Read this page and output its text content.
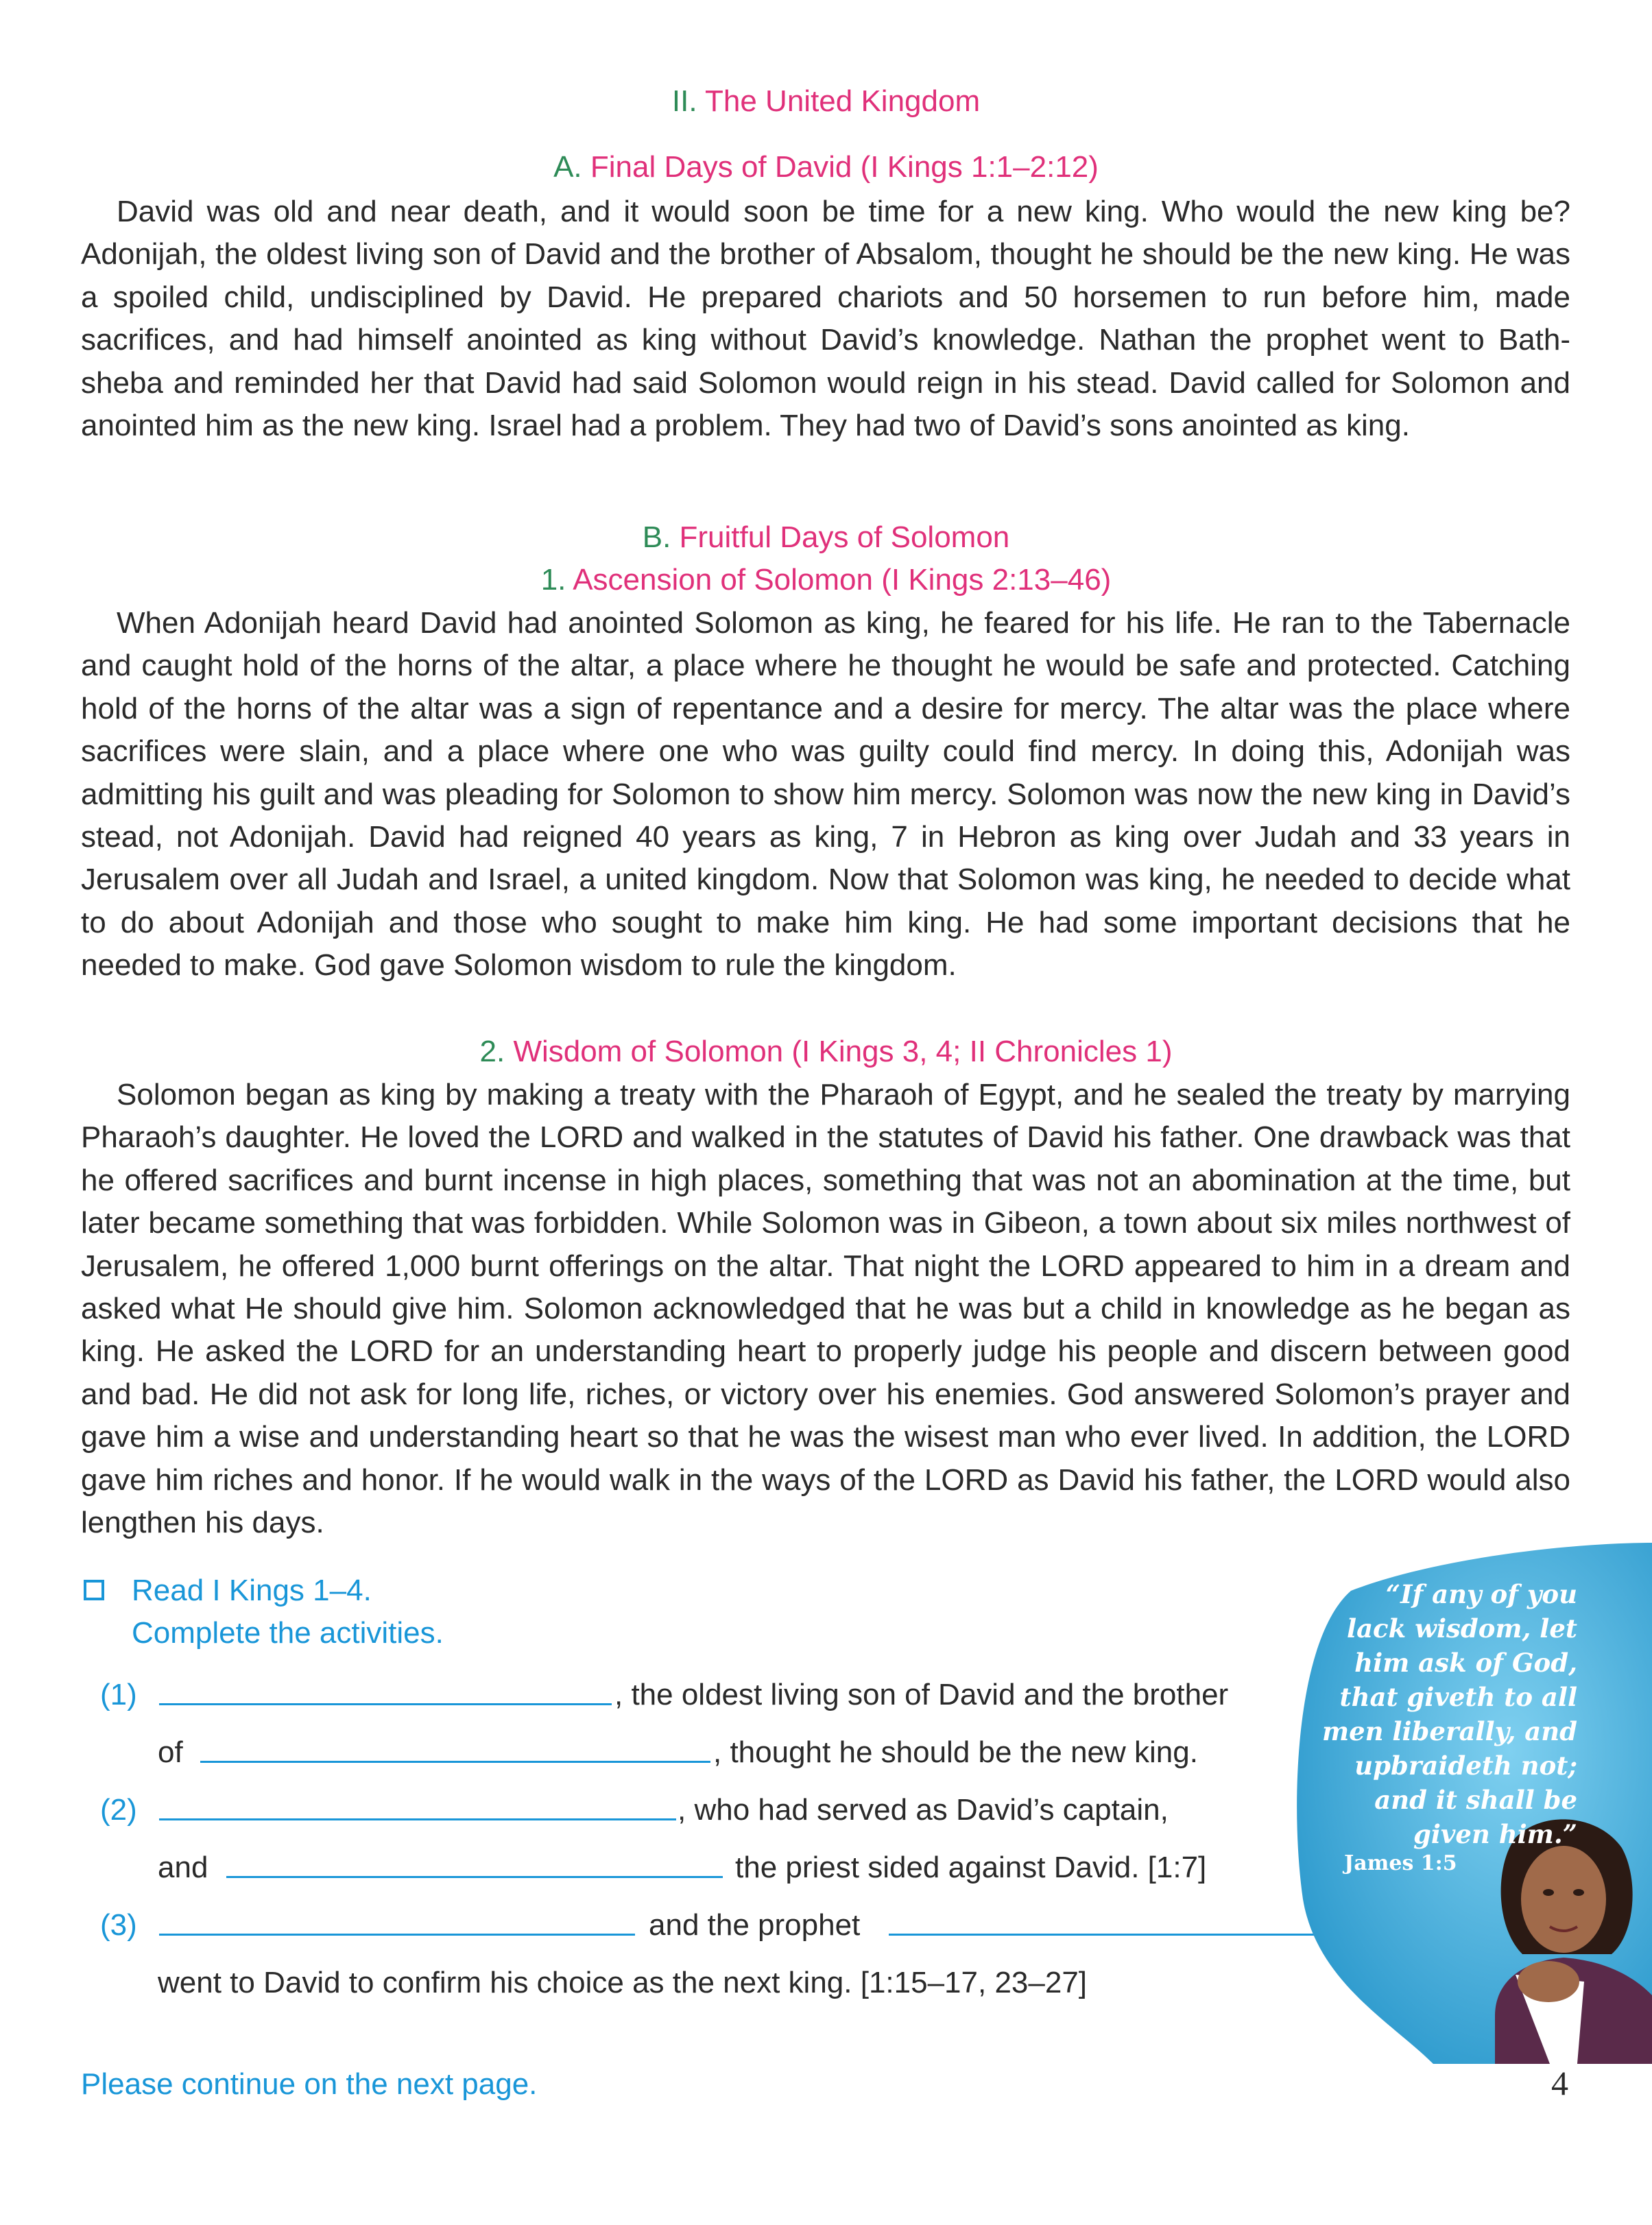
II. The United Kingdom
A. Final Days of David (I Kings 1:1–2:12)

David was old and near death, and it would soon be time for a new king. Who would the new king be? Adonijah, the oldest living son of David and the brother of Absalom, thought he should be the new king. He was a spoiled child, undisciplined by David. He prepared chariots and 50 horsemen to run before him, made sacrifices, and had himself anointed as king without David’s knowledge. Nathan the prophet went to Bath-sheba and reminded her that David had said Solomon would reign in his stead. David called for Solomon and anointed him as the new king. Israel had a problem. They had two of David’s sons anointed as king.

B. Fruitful Days of Solomon
1. Ascension of Solomon (I Kings 2:13–46)

When Adonijah heard David had anointed Solomon as king, he feared for his life. He ran to the Tabernacle and caught hold of the horns of the altar, a place where he thought he would be safe and protected. Catching hold of the horns of the altar was a sign of repentance and a desire for mercy. The altar was the place where sacrifices were slain, and a place where one who was guilty could find mercy. In doing this, Adonijah was admitting his guilt and was pleading for Solomon to show him mercy. Solomon was now the new king in David’s stead, not Adonijah. David had reigned 40 years as king, 7 in Hebron as king over Judah and 33 years in Jerusalem over all Judah and Israel, a united kingdom. Now that Solomon was king, he needed to decide what to do about Adonijah and those who sought to make him king. He had some important decisions that he needed to make. God gave Solomon wisdom to rule the kingdom.

2. Wisdom of Solomon (I Kings 3, 4; II Chronicles 1)

Solomon began as king by making a treaty with the Pharaoh of Egypt, and he sealed the treaty by marrying Pharaoh’s daughter. He loved the LORD and walked in the statutes of David his father. One drawback was that he offered sacrifices and burnt incense in high places, something that was not an abomination at the time, but later became something that was forbidden. While Solomon was in Gibeon, a town about six miles northwest of Jerusalem, he offered 1,000 burnt offerings on the altar. That night the LORD appeared to him in a dream and asked what He should give him. Solomon acknowledged that he was but a child in knowledge as he began as king. He asked the LORD for an understanding heart to properly judge his people and discern between good and bad. He did not ask for long life, riches, or victory over his enemies. God answered Solomon’s prayer and gave him a wise and understanding heart so that he was the wisest man who ever lived. In addition, the LORD gave him riches and honor. If he would walk in the ways of the LORD as David his father, the LORD would also lengthen his days.

Read I Kings 1–4.
Complete the activities.
(1)	, the oldest living son of David and the brother
of	, thought he should be the new king.
(2)	, who had served as David’s captain,
and	the priest sided against David. [1:7]
(3)	and the prophet
went to David to confirm his choice as the next king. [1:15–17, 23–27]
“If any of you
lack wisdom, let
him ask of God,
that giveth to all
men liberally, and
upbraideth not;
and it shall be
given him.”
James 1:5
Please continue on the next page.	4
